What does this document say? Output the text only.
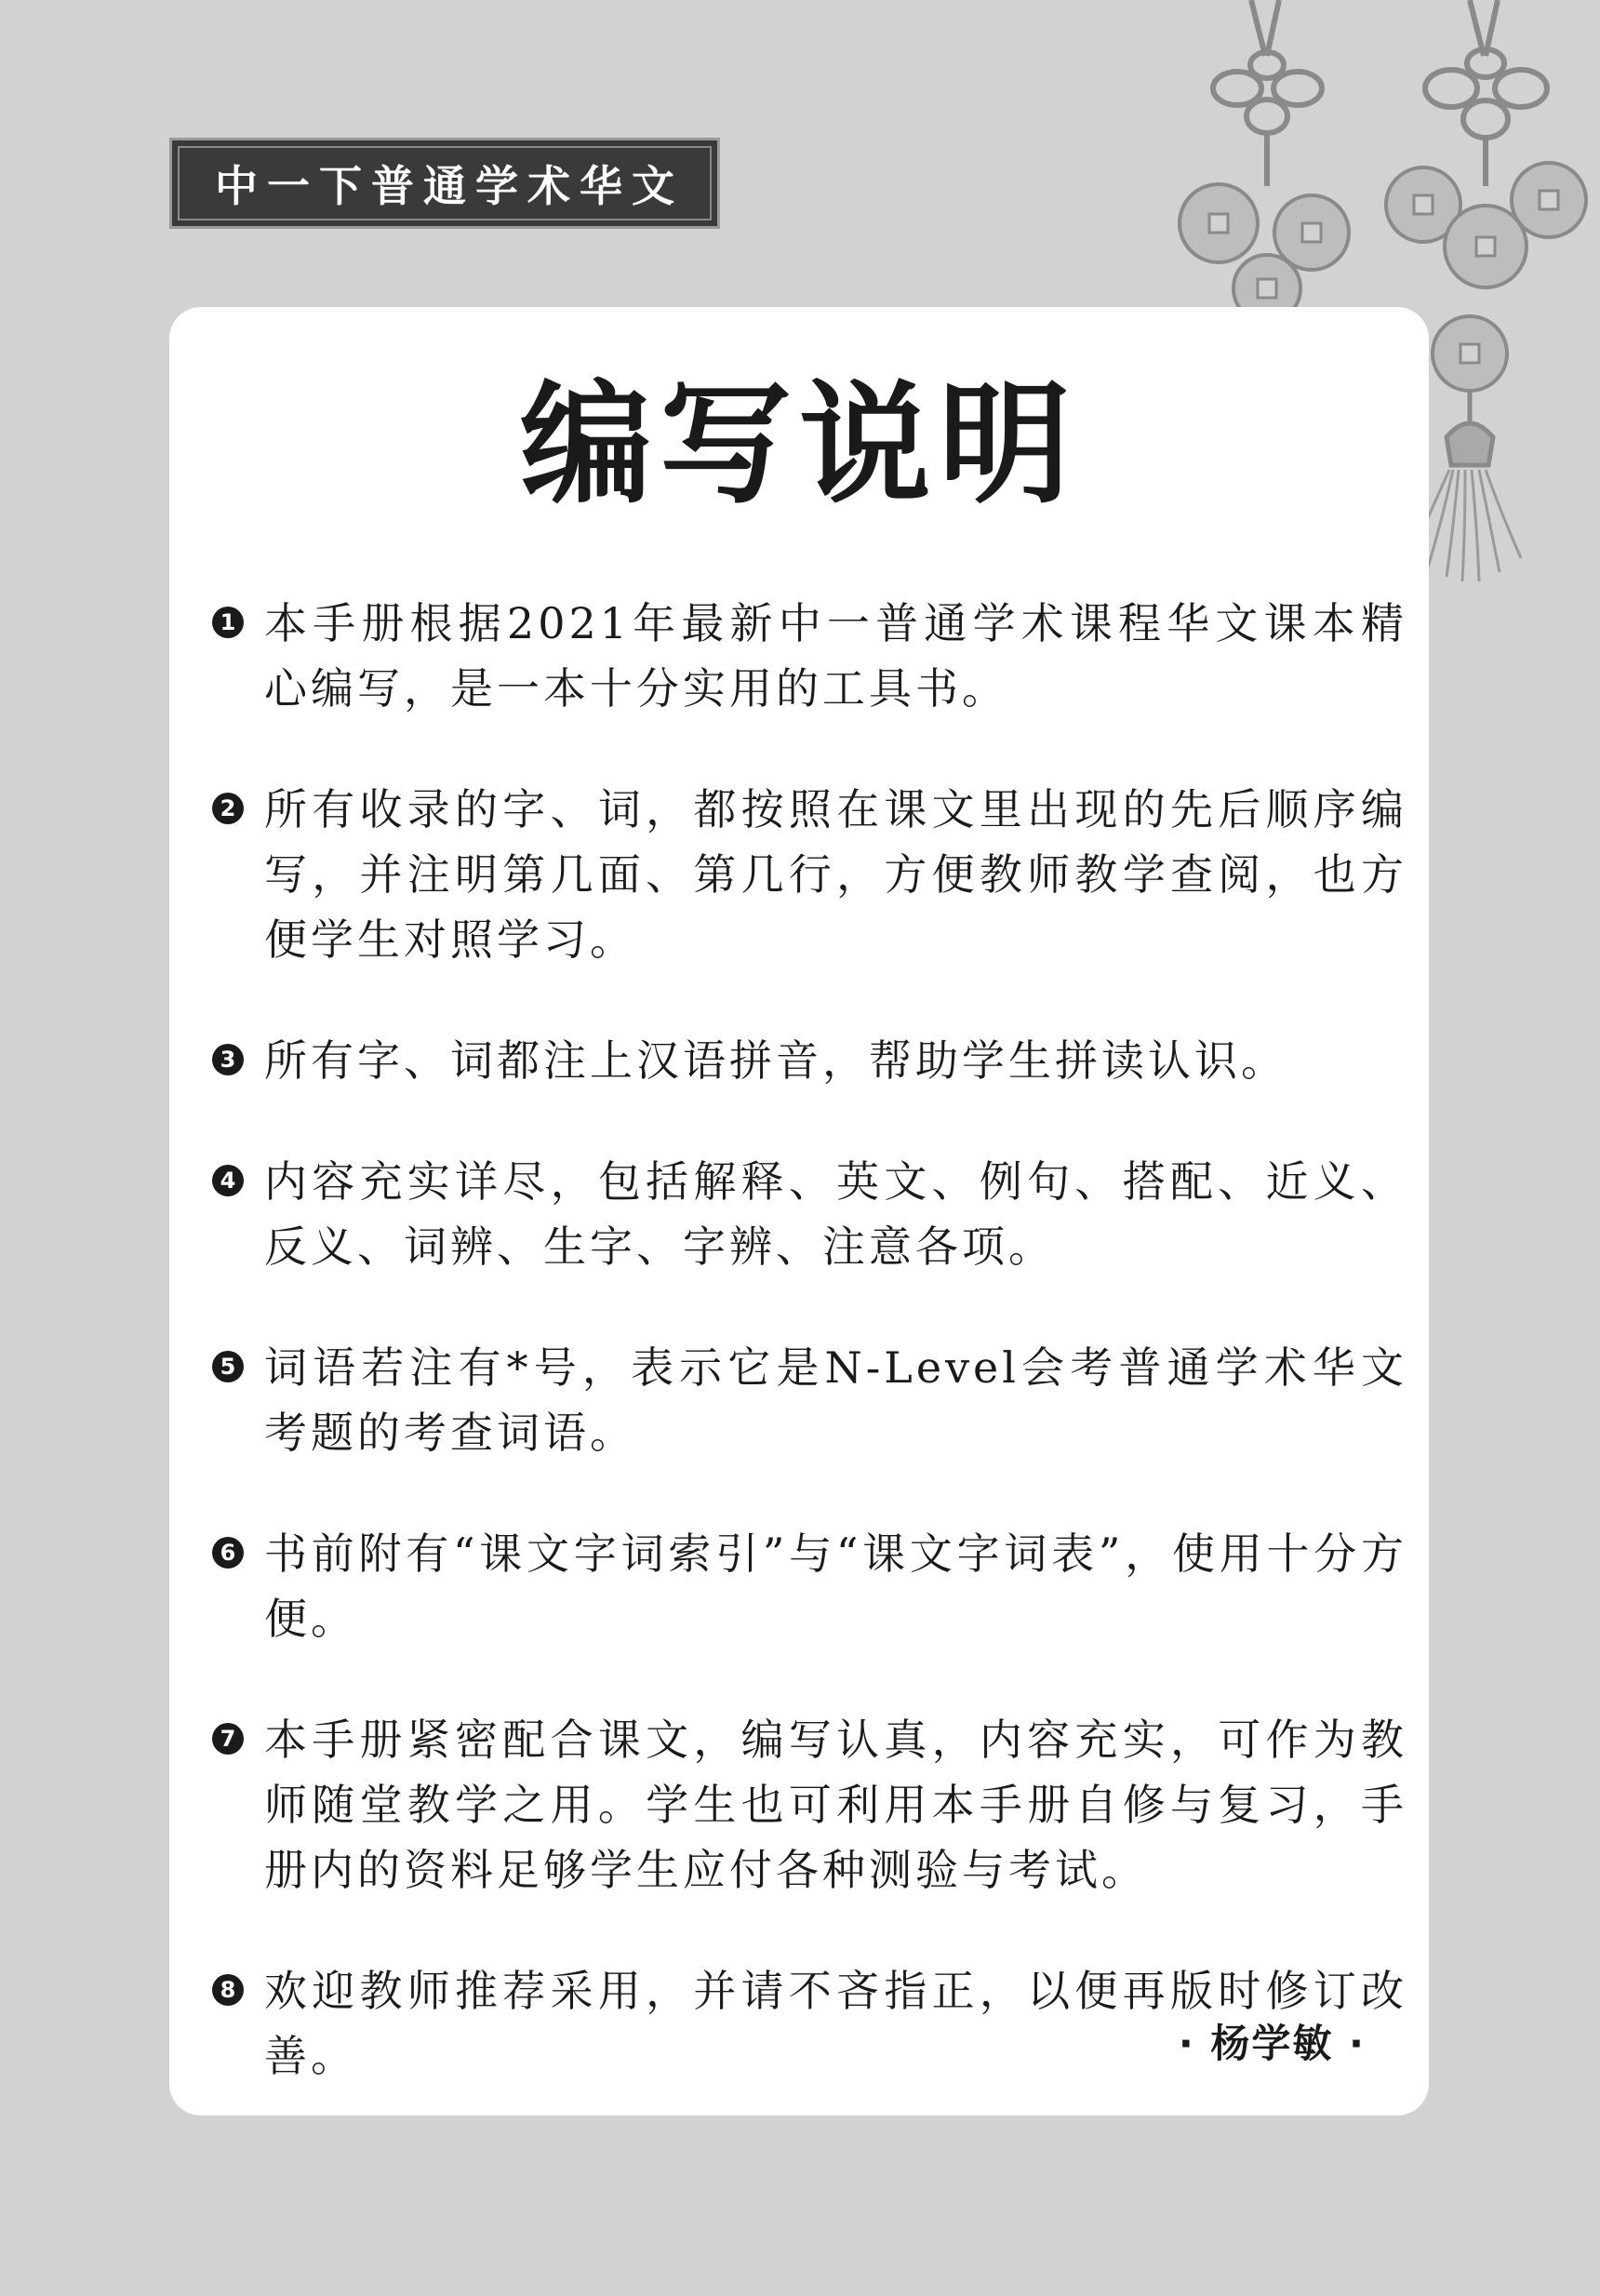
中一下普通学术华文
编写说明
1 本手册根据2021年最新中一普通学术课程华文课本精心编写，是一本十分实用的工具书。
2 所有收录的字、词，都按照在课文里出现的先后顺序编写，并注明第几面、第几行，方便教师教学查阅，也方便学生对照学习。
3 所有字、词都注上汉语拼音，帮助学生拼读认识。
4 内容充实详尽，包括解释、英文、例句、搭配、近义、反义、词辨、生字、字辨、注意各项。
5 词语若注有*号，表示它是N-Level会考普通学术华文考题的考查词语。
6 书前附有“课文字词索引”与“课文字词表”，使用十分方便。
7 本手册紧密配合课文，编写认真，内容充实，可作为教师随堂教学之用。学生也可利用本手册自修与复习，手册内的资料足够学生应付各种测验与考试。
8 欢迎教师推荐采用，并请不吝指正，以便再版时修订改善。	· 杨学敏 ·
